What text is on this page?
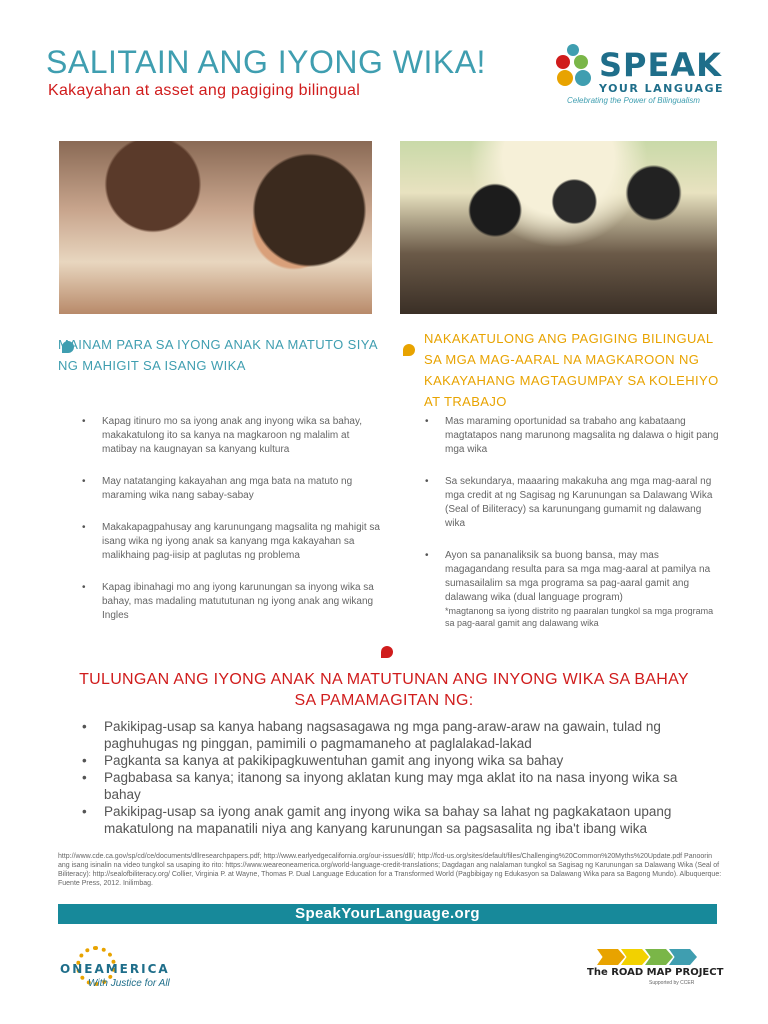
SALITAIN ANG IYONG WIKA!
Kakayahan at asset ang pagiging bilingual
SPEAK
YOUR LANGUAGE
Celebrating the Power of Bilingualism
MAINAM PARA SA IYONG ANAK NA MATUTO SIYA NG MAHIGIT SA ISANG WIKA
NAKAKATULONG ANG PAGIGING BILINGUAL SA MGA MAG-AARAL NA MAGKAROON NG KAKAYAHANG MAGTAGUMPAY SA KOLEHIYO AT TRABAJO
• Kapag itinuro mo sa iyong anak ang inyong wika sa bahay, makakatulong ito sa kanya na magkaroon ng malalim at matibay na kaugnayan sa kanyang kultura
• May natatanging kakayahan ang mga bata na matuto ng maraming wika nang sabay-sabay
• Makakapagpahusay ang karunungang magsalita ng mahigit sa isang wika ng iyong anak sa kanyang mga kakayahan sa malikhaing pag-iisip at paglutas ng problema
• Kapag ibinahagi mo ang iyong karunungan sa inyong wika sa bahay, mas madaling matututunan ng iyong anak ang wikang Ingles
• Mas maraming oportunidad sa trabaho ang kabataang magtatapos nang marunong magsalita ng dalawa o higit pang mga wika
• Sa sekundarya, maaaring makakuha ang mga mag-aaral ng mga credit at ng Sagisag ng Karunungan sa Dalawang Wika (Seal of Biliteracy) sa karunungang gumamit ng dalawang wika
• Ayon sa pananaliksik sa buong bansa, may mas magagandang resulta para sa mga mag-aaral at pamilya na sumasailalim sa mga programa sa pag-aaral gamit ang dalawang wika (dual language program)
*magtanong sa iyong distrito ng paaralan tungkol sa mga programa sa pag-aaral gamit ang dalawang wika
TULUNGAN ANG IYONG ANAK NA MATUTUNAN ANG INYONG WIKA SA BAHAY SA PAMAMAGITAN NG:
• Pakikipag-usap sa kanya habang nagsasagawa ng mga pang-araw-araw na gawain, tulad ng paghuhugas ng pinggan, pamimili o pagmamaneho at paglalakad-lakad
• Pagkanta sa kanya at pakikipagkuwentuhan gamit ang inyong wika sa bahay
• Pagbabasa sa kanya; itanong sa inyong aklatan kung may mga aklat ito na nasa inyong wika sa bahay
• Pakikipag-usap sa iyong anak gamit ang inyong wika sa bahay sa lahat ng pagkakataon upang makatulong na mapanatili niya ang kanyang karunungan sa pagsasalita ng iba't ibang wika
http://www.cde.ca.gov/sp/cd/ce/documents/dllresearchpapers.pdf; http://www.earlyedgecalifornia.org/our-issues/dll/; http://fcd-us.org/sites/default/files/Challenging%20Common%20Myths%20Update.pdf Panoorin ang isang isinalin na video tungkol sa usaping ito rito: https://www.weareoneamerica.org/world-language-credit-translations; Dagdagan ang nalalaman tungkol sa Sagisag ng Karunungan sa Dalawang Wika (Seal of Biliteracy): http://sealofbiliteracy.org/ Collier, Virginia P. at Wayne, Thomas P. Dual Language Education for a Transformed World (Pagbibigay ng Edukasyon sa Dalawang Wika para sa Bagong Mundo). Albuquerque: Fuente Press, 2012. Inilimbag.
SpeakYourLanguage.org
ONEAMERICA
With Justice for All
The ROAD MAP PROJECT
Supported by CCER
